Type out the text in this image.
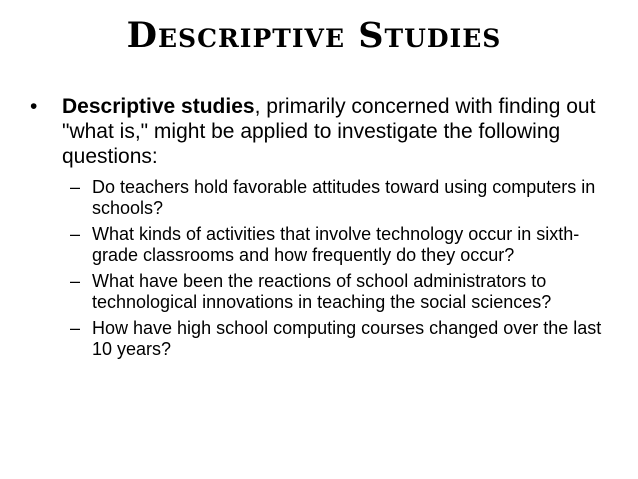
Descriptive Studies
•	Descriptive studies, primarily concerned with finding out "what is," might be applied to investigate the following questions:
– Do teachers hold favorable attitudes toward using computers in schools?
– What kinds of activities that involve technology occur in sixth-grade classrooms and how frequently do they occur?
– What have been the reactions of school administrators to technological innovations in teaching the social sciences?
– How have high school computing courses changed over the last 10 years?
